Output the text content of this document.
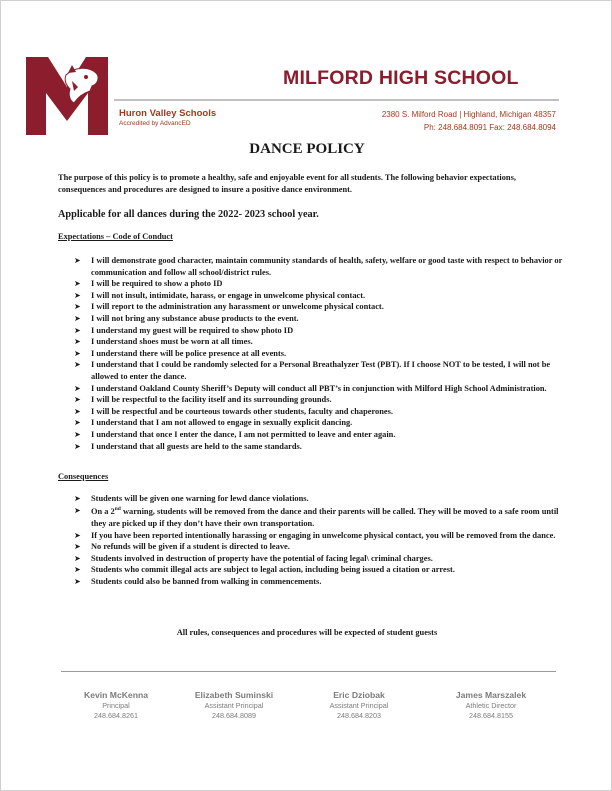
MILFORD HIGH SCHOOL
Huron Valley Schools
Accredited by AdvancED
2380 S. Milford Road | Highland, Michigan 48357
Ph: 248.684.8091 Fax: 248.684.8094
DANCE POLICY
The purpose of this policy is to promote a healthy, safe and enjoyable event for all students. The following behavior expectations, consequences and procedures are designed to insure a positive dance environment.
Applicable for all dances during the 2022- 2023 school year.
Expectations – Code of Conduct
➤ I will demonstrate good character, maintain community standards of health, safety, welfare or good taste with respect to behavior or communication and follow all school/district rules.
➤ I will be required to show a photo ID
➤ I will not insult, intimidate, harass, or engage in unwelcome physical contact.
➤ I will report to the administration any harassment or unwelcome physical contact.
➤ I will not bring any substance abuse products to the event.
➤ I understand my guest will be required to show photo ID
➤ I understand shoes must be worn at all times.
➤ I understand there will be police presence at all events.
➤ I understand that I could be randomly selected for a Personal Breathalyzer Test (PBT). If I choose NOT to be tested, I will not be allowed to enter the dance.
➤ I understand Oakland County Sheriff’s Deputy will conduct all PBT’s in conjunction with Milford High School Administration.
➤ I will be respectful to the facility itself and its surrounding grounds.
➤ I will be respectful and be courteous towards other students, faculty and chaperones.
➤ I understand that I am not allowed to engage in sexually explicit dancing.
➤ I understand that once I enter the dance, I am not permitted to leave and enter again.
➤ I understand that all guests are held to the same standards.
Consequences
➤ Students will be given one warning for lewd dance violations.
➤ On a 2nd warning, students will be removed from the dance and their parents will be called. They will be moved to a safe room until they are picked up if they don’t have their own transportation.
➤ If you have been reported intentionally harassing or engaging in unwelcome physical contact, you will be removed from the dance.
➤ No refunds will be given if a student is directed to leave.
➤ Students involved in destruction of property have the potential of facing legal\ criminal charges.
➤ Students who commit illegal acts are subject to legal action, including being issued a citation or arrest.
➤ Students could also be banned from walking in commencements.
All rules, consequences and procedures will be expected of student guests
Kevin McKenna
Principal
248.684.8261
Elizabeth Suminski
Assistant Principal
248.684.8089
Eric Dziobak
Assistant Principal
248.684.8203
James Marszalek
Athletic Director
248.684.8155
